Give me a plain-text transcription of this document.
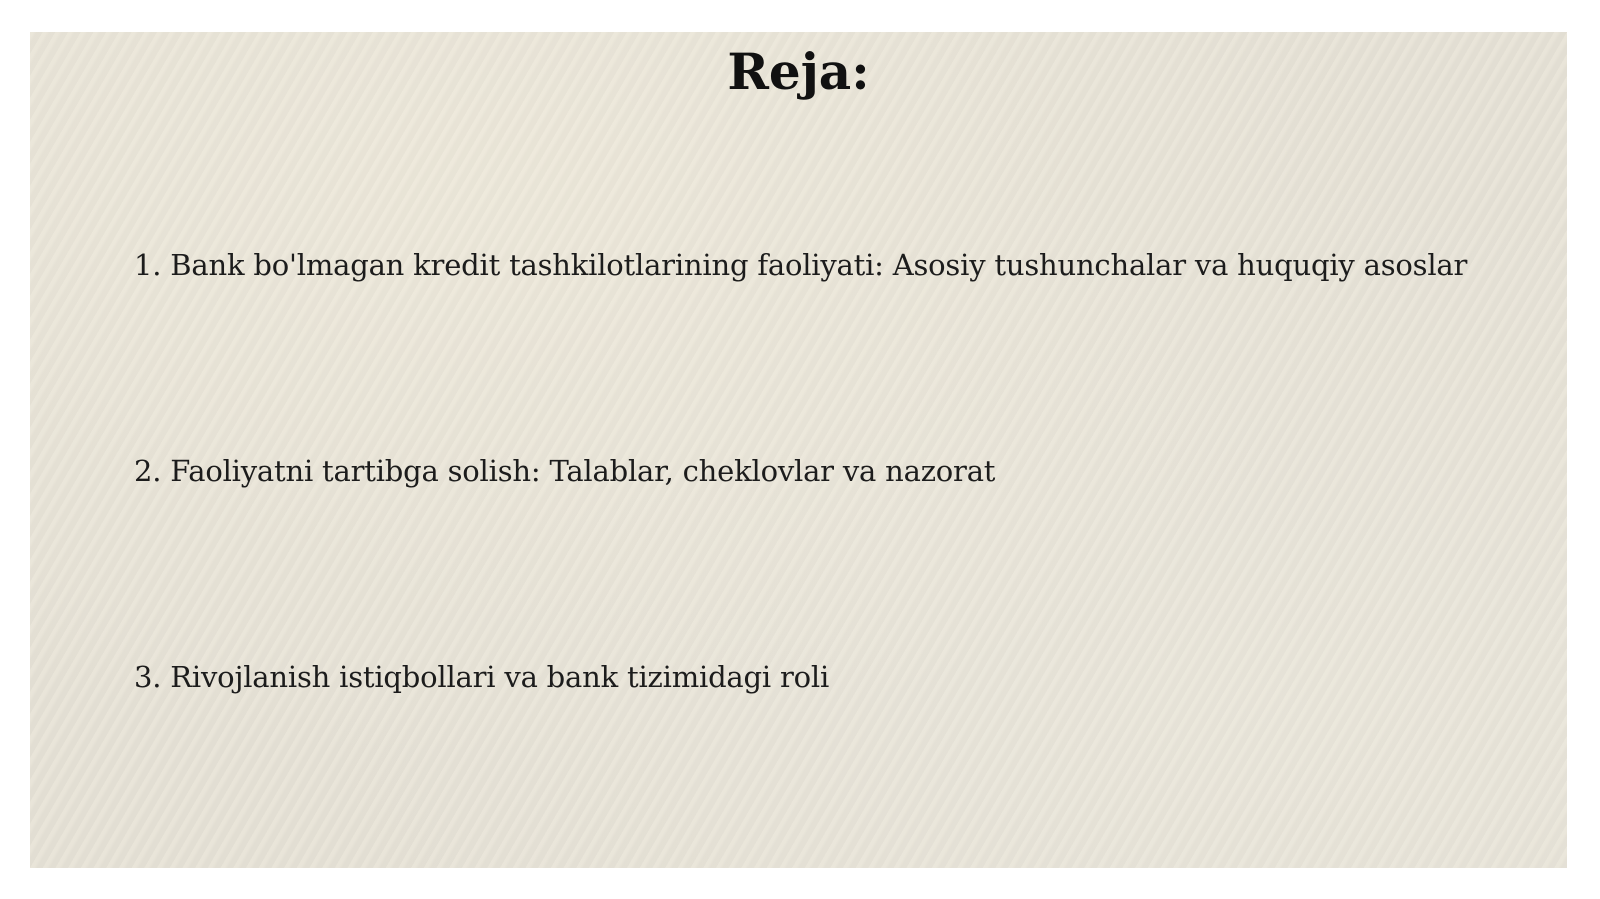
Reja:
1. Bank bo'lmagan kredit tashkilotlarining faoliyati: Asosiy tushunchalar va huquqiy asoslar
2. Faoliyatni tartibga solish: Talablar, cheklovlar va nazorat
3. Rivojlanish istiqbollari va bank tizimidagi roli
